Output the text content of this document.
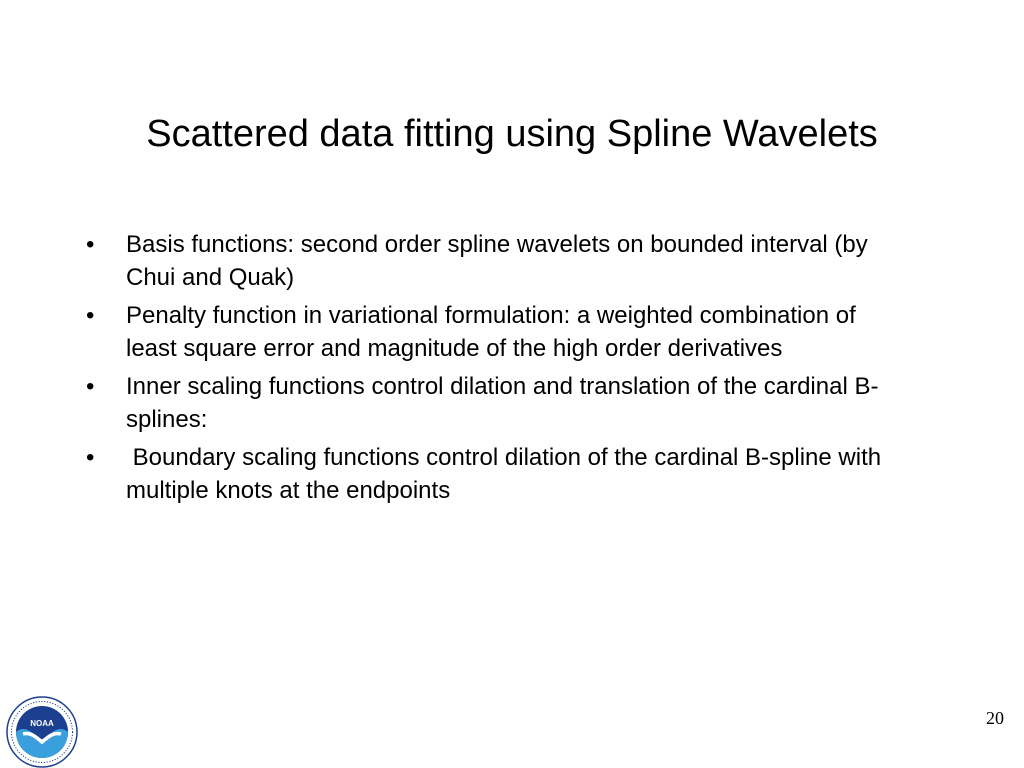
Scattered data fitting using Spline Wavelets
• Basis functions: second order spline wavelets on bounded interval (by Chui and Quak)
• Penalty function in variational formulation: a weighted combination of least square error and magnitude of the high order derivatives
• Inner scaling functions control dilation and translation of the cardinal B-splines:
• Boundary scaling functions control dilation of the cardinal B-spline with multiple knots at the endpoints
NOAA	20
